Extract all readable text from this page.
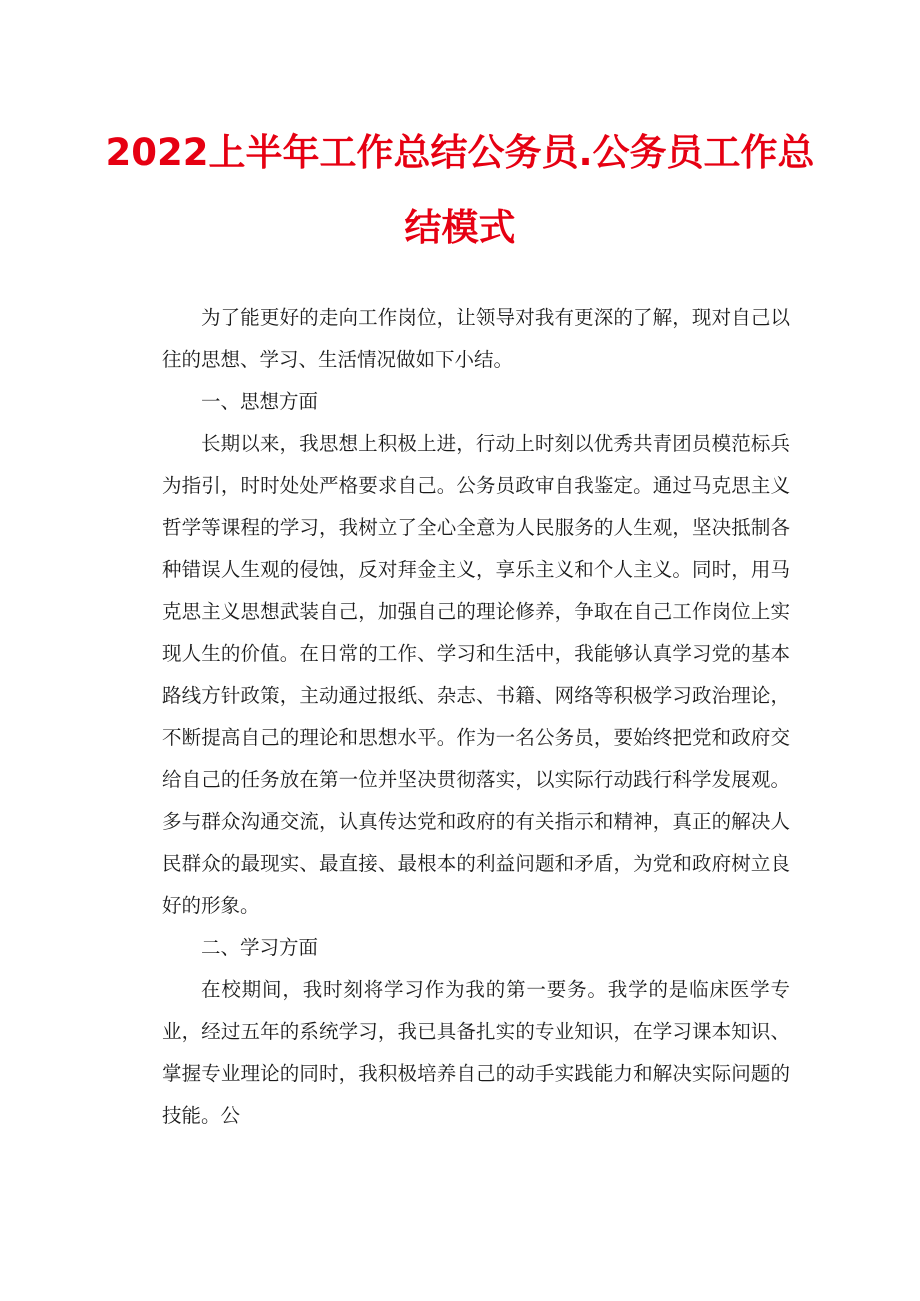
2022上半年工作总结公务员.公务员工作总
结模式

为了能更好的走向工作岗位，让领导对我有更深的了解，现对自己以往的思想、学习、生活情况做如下小结。

一、思想方面

长期以来，我思想上积极上进，行动上时刻以优秀共青团员模范标兵为指引，时时处处严格要求自己。公务员政审自我鉴定。通过马克思主义哲学等课程的学习，我树立了全心全意为人民服务的人生观，坚决抵制各种错误人生观的侵蚀，反对拜金主义，享乐主义和个人主义。同时，用马克思主义思想武装自己，加强自己的理论修养，争取在自己工作岗位上实现人生的价值。在日常的工作、学习和生活中，我能够认真学习党的基本路线方针政策，主动通过报纸、杂志、书籍、网络等积极学习政治理论，不断提高自己的理论和思想水平。作为一名公务员，要始终把党和政府交给自己的任务放在第一位并坚决贯彻落实，以实际行动践行科学发展观。多与群众沟通交流，认真传达党和政府的有关指示和精神，真正的解决人民群众的最现实、最直接、最根本的利益问题和矛盾，为党和政府树立良好的形象。

二、学习方面

在校期间，我时刻将学习作为我的第一要务。我学的是临床医学专业，经过五年的系统学习，我已具备扎实的专业知识，在学习课本知识、掌握专业理论的同时，我积极培养自己的动手实践能力和解决实际问题的技能。公
